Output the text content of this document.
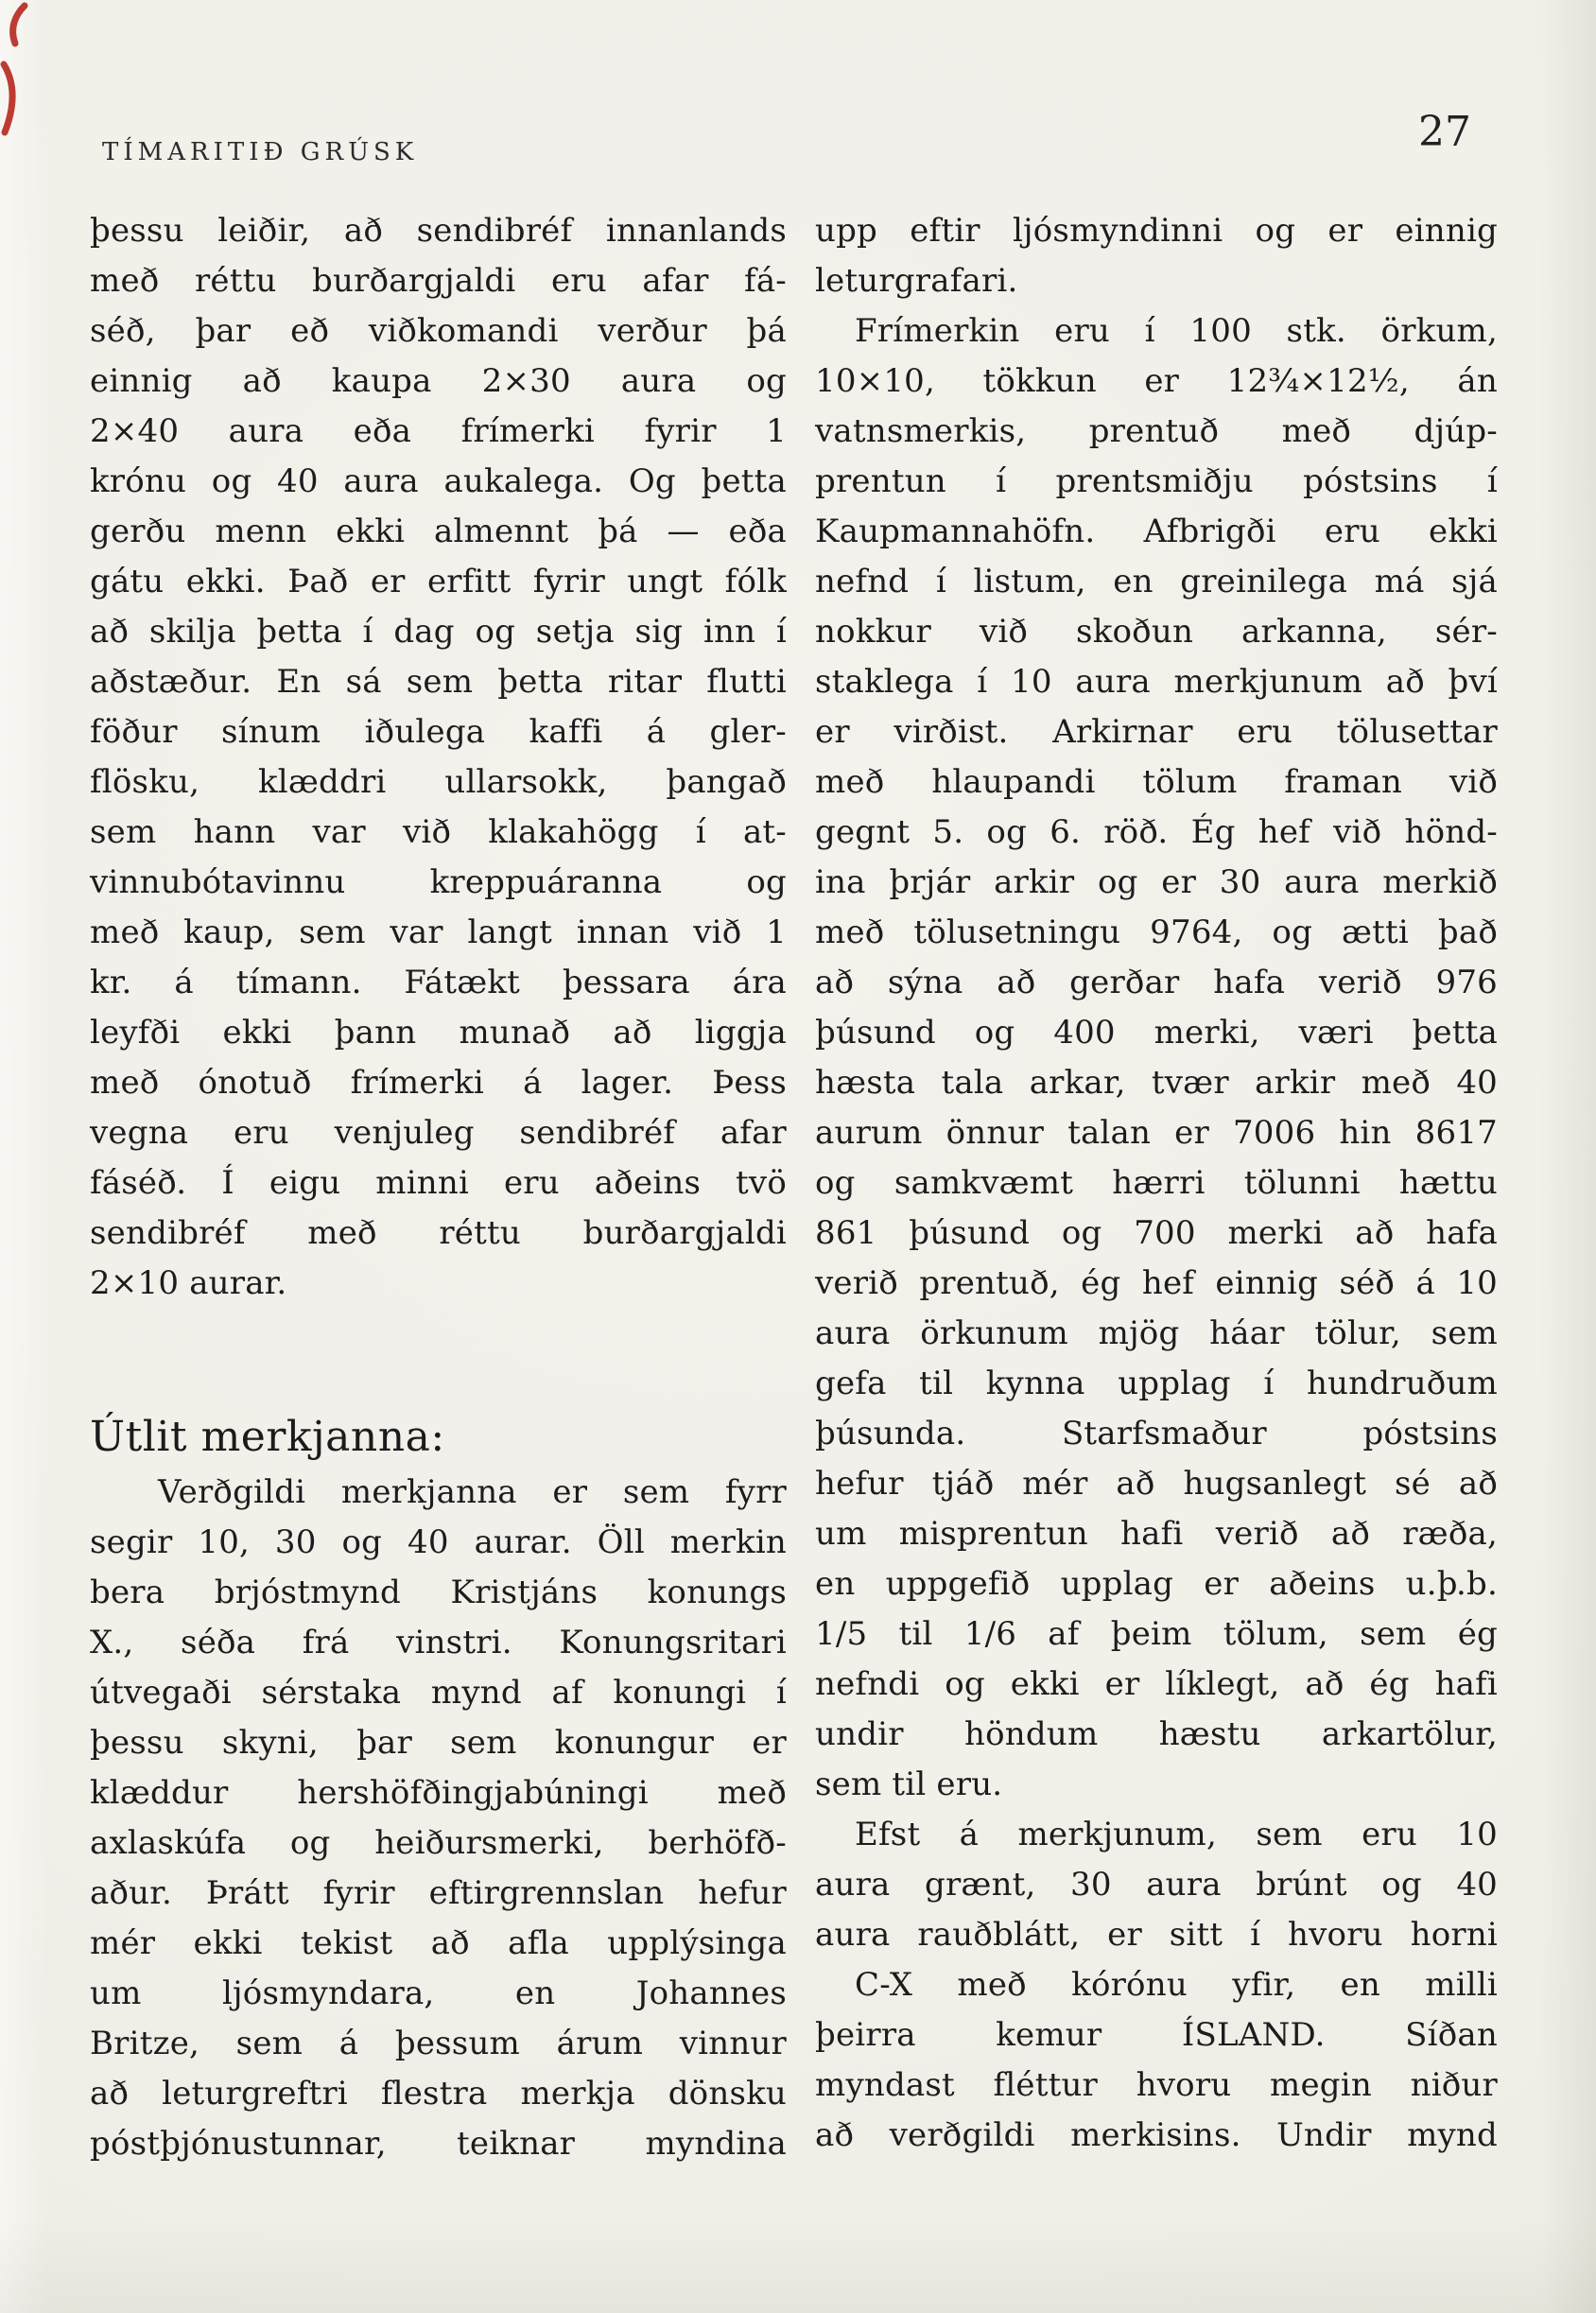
TÍMARITIÐ GRÚSK	27
þessu leiðir, að sendibréf innanlands
með réttu burðargjaldi eru afar fá-
séð, þar eð viðkomandi verður þá
einnig að kaupa 2×30 aura og
2×40 aura eða frímerki fyrir 1
krónu og 40 aura aukalega. Og þetta
gerðu menn ekki almennt þá — eða
gátu ekki. Það er erfitt fyrir ungt fólk
að skilja þetta í dag og setja sig inn í
aðstæður. En sá sem þetta ritar flutti
föður sínum iðulega kaffi á gler-
flösku, klæddri ullarsokk, þangað
sem hann var við klakahögg í at-
vinnubótavinnu kreppuáranna og
með kaup, sem var langt innan við 1
kr. á tímann. Fátækt þessara ára
leyfði ekki þann munað að liggja
með ónotuð frímerki á lager. Þess
vegna eru venjuleg sendibréf afar
fáséð. Í eigu minni eru aðeins tvö
sendibréf með réttu burðargjaldi
2×10 aurar.
Útlit merkjanna:
Verðgildi merkjanna er sem fyrr
segir 10, 30 og 40 aurar. Öll merkin
bera brjóstmynd Kristjáns konungs
X., séða frá vinstri. Konungsritari
útvegaði sérstaka mynd af konungi í
þessu skyni, þar sem konungur er
klæddur hershöfðingjabúningi með
axlaskúfa og heiðursmerki, berhöfð-
aður. Þrátt fyrir eftirgrennslan hefur
mér ekki tekist að afla upplýsinga
um ljósmyndara, en Johannes
Britze, sem á þessum árum vinnur
að leturgreftri flestra merkja dönsku
póstþjónustunnar, teiknar myndina
upp eftir ljósmyndinni og er einnig
leturgrafari.
Frímerkin eru í 100 stk. örkum,
10×10, tökkun er 12¾×12½, án
vatnsmerkis, prentuð með djúp-
prentun í prentsmiðju póstsins í
Kaupmannahöfn. Afbrigði eru ekki
nefnd í listum, en greinilega má sjá
nokkur við skoðun arkanna, sér-
staklega í 10 aura merkjunum að því
er virðist. Arkirnar eru tölusettar
með hlaupandi tölum framan við
gegnt 5. og 6. röð. Ég hef við hönd-
ina þrjár arkir og er 30 aura merkið
með tölusetningu 9764, og ætti það
að sýna að gerðar hafa verið 976
þúsund og 400 merki, væri þetta
hæsta tala arkar, tvær arkir með 40
aurum önnur talan er 7006 hin 8617
og samkvæmt hærri tölunni hættu
861 þúsund og 700 merki að hafa
verið prentuð, ég hef einnig séð á 10
aura örkunum mjög háar tölur, sem
gefa til kynna upplag í hundruðum
þúsunda. Starfsmaður póstsins
hefur tjáð mér að hugsanlegt sé að
um misprentun hafi verið að ræða,
en uppgefið upplag er aðeins u.þ.b.
1/5 til 1/6 af þeim tölum, sem ég
nefndi og ekki er líklegt, að ég hafi
undir höndum hæstu arkartölur,
sem til eru.
Efst á merkjunum, sem eru 10
aura grænt, 30 aura brúnt og 40
aura rauðblátt, er sitt í hvoru horni
C-X með kórónu yfir, en milli
þeirra kemur ÍSLAND. Síðan
myndast fléttur hvoru megin niður
að verðgildi merkisins. Undir mynd
